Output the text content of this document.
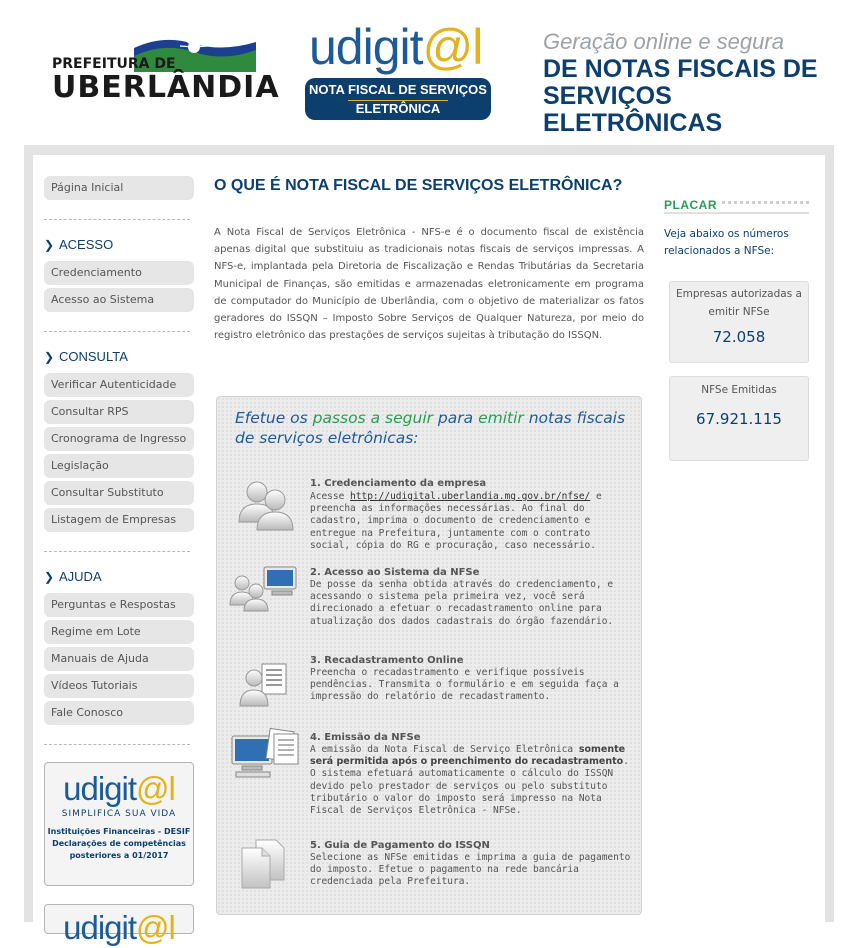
PREFEITURA DE
UBERLÂNDIA
udigit@l
NOTA FISCAL DE SERVIÇOS
ELETRÔNICA
Geração online e segura
DE NOTAS FISCAIS DE
SERVIÇOS ELETRÔNICAS
Página Inicial
❯ ACESSO
Credenciamento
Acesso ao Sistema
❯ CONSULTA
Verificar Autenticidade
Consultar RPS
Cronograma de Ingresso
Legislação
Consultar Substituto
Listagem de Empresas
❯ AJUDA
Perguntas e Respostas
Regime em Lote
Manuais de Ajuda
Vídeos Tutoriais
Fale Conosco
udigit@l
SIMPLIFICA SUA VIDA
Instituições Financeiras - DESIF
Declarações de competências
posteriores a 01/2017
udigit@l
O QUE É NOTA FISCAL DE SERVIÇOS ELETRÔNICA?

A Nota Fiscal de Serviços Eletrônica - NFS-e é o documento fiscal de existência apenas digital que substituiu as tradicionais notas fiscais de serviços impressas. A NFS-e, implantada pela Diretoria de Fiscalização e Rendas Tributárias da Secretaria Municipal de Finanças, são emitidas e armazenadas eletronicamente em programa de computador do Município de Uberlândia, com o objetivo de materializar os fatos geradores do ISSQN – Imposto Sobre Serviços de Qualquer Natureza, por meio do registro eletrônico das prestações de serviços sujeitas à tributação do ISSQN.

Efetue os passos a seguir para emitir notas fiscais de serviços eletrônicas:
1. Credenciamento da empresa
Acesse http://udigital.uberlandia.mg.gov.br/nfse/ e preencha as informações necessárias. Ao final do cadastro, imprima o documento de credenciamento e entregue na Prefeitura, juntamente com o contrato social, cópia do RG e procuração, caso necessário.
2. Acesso ao Sistema da NFSe
De posse da senha obtida através do credenciamento, e acessando o sistema pela primeira vez, você será direcionado a efetuar o recadastramento online para atualização dos dados cadastrais do órgão fazendário.
3. Recadastramento Online
Preencha o recadastramento e verifique possíveis pendências. Transmita o formulário e em seguida faça a impressão do relatório de recadastramento.
4. Emissão da NFSe
A emissão da Nota Fiscal de Serviço Eletrônica somente será permitida após o preenchimento do recadastramento. O sistema efetuará automaticamente o cálculo do ISSQN devido pelo prestador de serviços ou pelo substituto tributário o valor do imposto será impresso na Nota Fiscal de Serviços Eletrônica - NFSe.
5. Guia de Pagamento do ISSQN
Selecione as NFSe emitidas e imprima a guia de pagamento do imposto. Efetue o pagamento na rede bancária credenciada pela Prefeitura.
PLACAR
Veja abaixo os números relacionados a NFSe:
Empresas autorizadas a emitir NFSe
72.058
NFSe Emitidas
67.921.115
